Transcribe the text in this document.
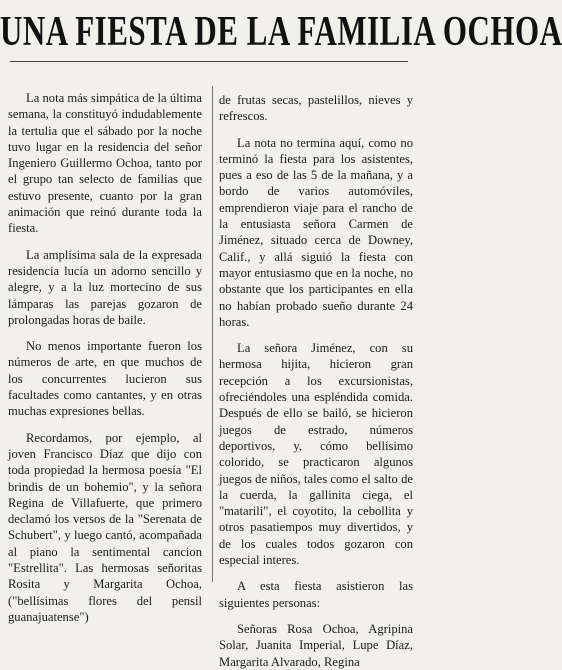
UNA FIESTA DE LA FAMILIA OCHOA

La nota más simpática de la última semana, la constituyó indudablemente la tertulia que el sábado por la noche tuvo lugar en la residencia del señor Ingeniero Guillermo Ochoa, tanto por el grupo tan selecto de familias que estuvo presente, cuanto por la gran animación que reinó durante toda la fiesta.

La amplísima sala de la expresada residencia lucía un adorno sencillo y alegre, y a la luz mortecino de sus lámparas las parejas gozaron de prolongadas horas de baile.

No menos importante fueron los números de arte, en que muchos de los concurrentes lucieron sus facultades como cantantes, y en otras muchas expresiones bellas.

Recordamos, por ejemplo, al joven Francisco Díaz que dijo con toda propiedad la hermosa poesía "El brindis de un bohemio", y la señora Regina de Villafuerte, que primero declamó los versos de la "Serenata de Schubert", y luego cantó, acompañada al piano la sentimental cancion "Estrellita". Las hermosas señoritas Rosita y Margarita Ochoa, ("bellísimas flores del pensil guanajuatense")

de frutas secas, pastelillos, nieves y refrescos.

La nota no termina aquí, como no terminó la fiesta para los asistentes, pues a eso de las 5 de la mañana, y a bordo de varios automóviles, emprendieron viaje para el rancho de la entusiasta señora Carmen de Jiménez, situado cerca de Downey, Calif., y allá siguió la fiesta con mayor entusiasmo que en la noche, no obstante que los participantes en ella no habían probado sueño durante 24 horas.

La señora Jiménez, con su hermosa hijita, hicieron gran recepción a los excursionistas, ofreciéndoles una espléndida comida. Después de ello se bailó, se hicieron juegos de estrado, números deportivos, y, cómo bellísimo colorido, se practicaron algunos juegos de niños, tales como el salto de la cuerda, la gallinita ciega, el "matarili", el coyotito, la cebollita y otros pasatiempos muy divertidos, y de los cuales todos gozaron con especial interes.

A esta fiesta asistieron las siguientes personas:

Señoras Rosa Ochoa, Agripina Solar, Juanita Imperial, Lupe Díaz, Margarita Alvarado, Regina
